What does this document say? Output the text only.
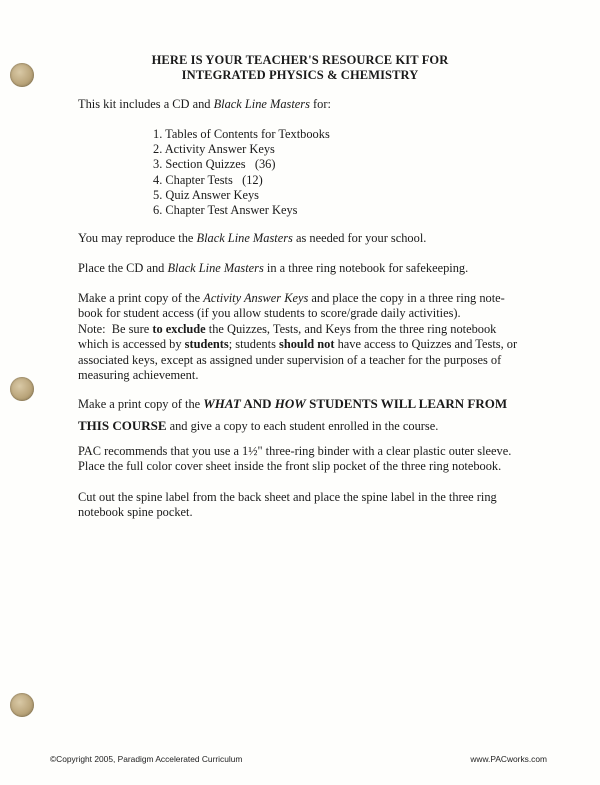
HERE IS YOUR TEACHER'S RESOURCE KIT FOR
INTEGRATED PHYSICS & CHEMISTRY
This kit includes a CD and Black Line Masters for:
1. Tables of Contents for Textbooks
2. Activity Answer Keys
3. Section Quizzes   (36)
4. Chapter Tests   (12)
5. Quiz Answer Keys
6. Chapter Test Answer Keys
You may reproduce the Black Line Masters as needed for your school.
Place the CD and Black Line Masters in a three ring notebook for safekeeping.
Make a print copy of the Activity Answer Keys and place the copy in a three ring note-
book for student access (if you allow students to score/grade daily activities).
Note:  Be sure to exclude the Quizzes, Tests, and Keys from the three ring notebook
which is accessed by students; students should not have access to Quizzes and Tests, or
associated keys, except as assigned under supervision of a teacher for the purposes of
measuring achievement.
Make a print copy of the WHAT AND HOW STUDENTS WILL LEARN FROM
THIS COURSE and give a copy to each student enrolled in the course.
PAC recommends that you use a 1½" three-ring binder with a clear plastic outer sleeve.
Place the full color cover sheet inside the front slip pocket of the three ring notebook.
Cut out the spine label from the back sheet and place the spine label in the three ring
notebook spine pocket.
©Copyright 2005, Paradigm Accelerated Curriculum	www.PACworks.com
